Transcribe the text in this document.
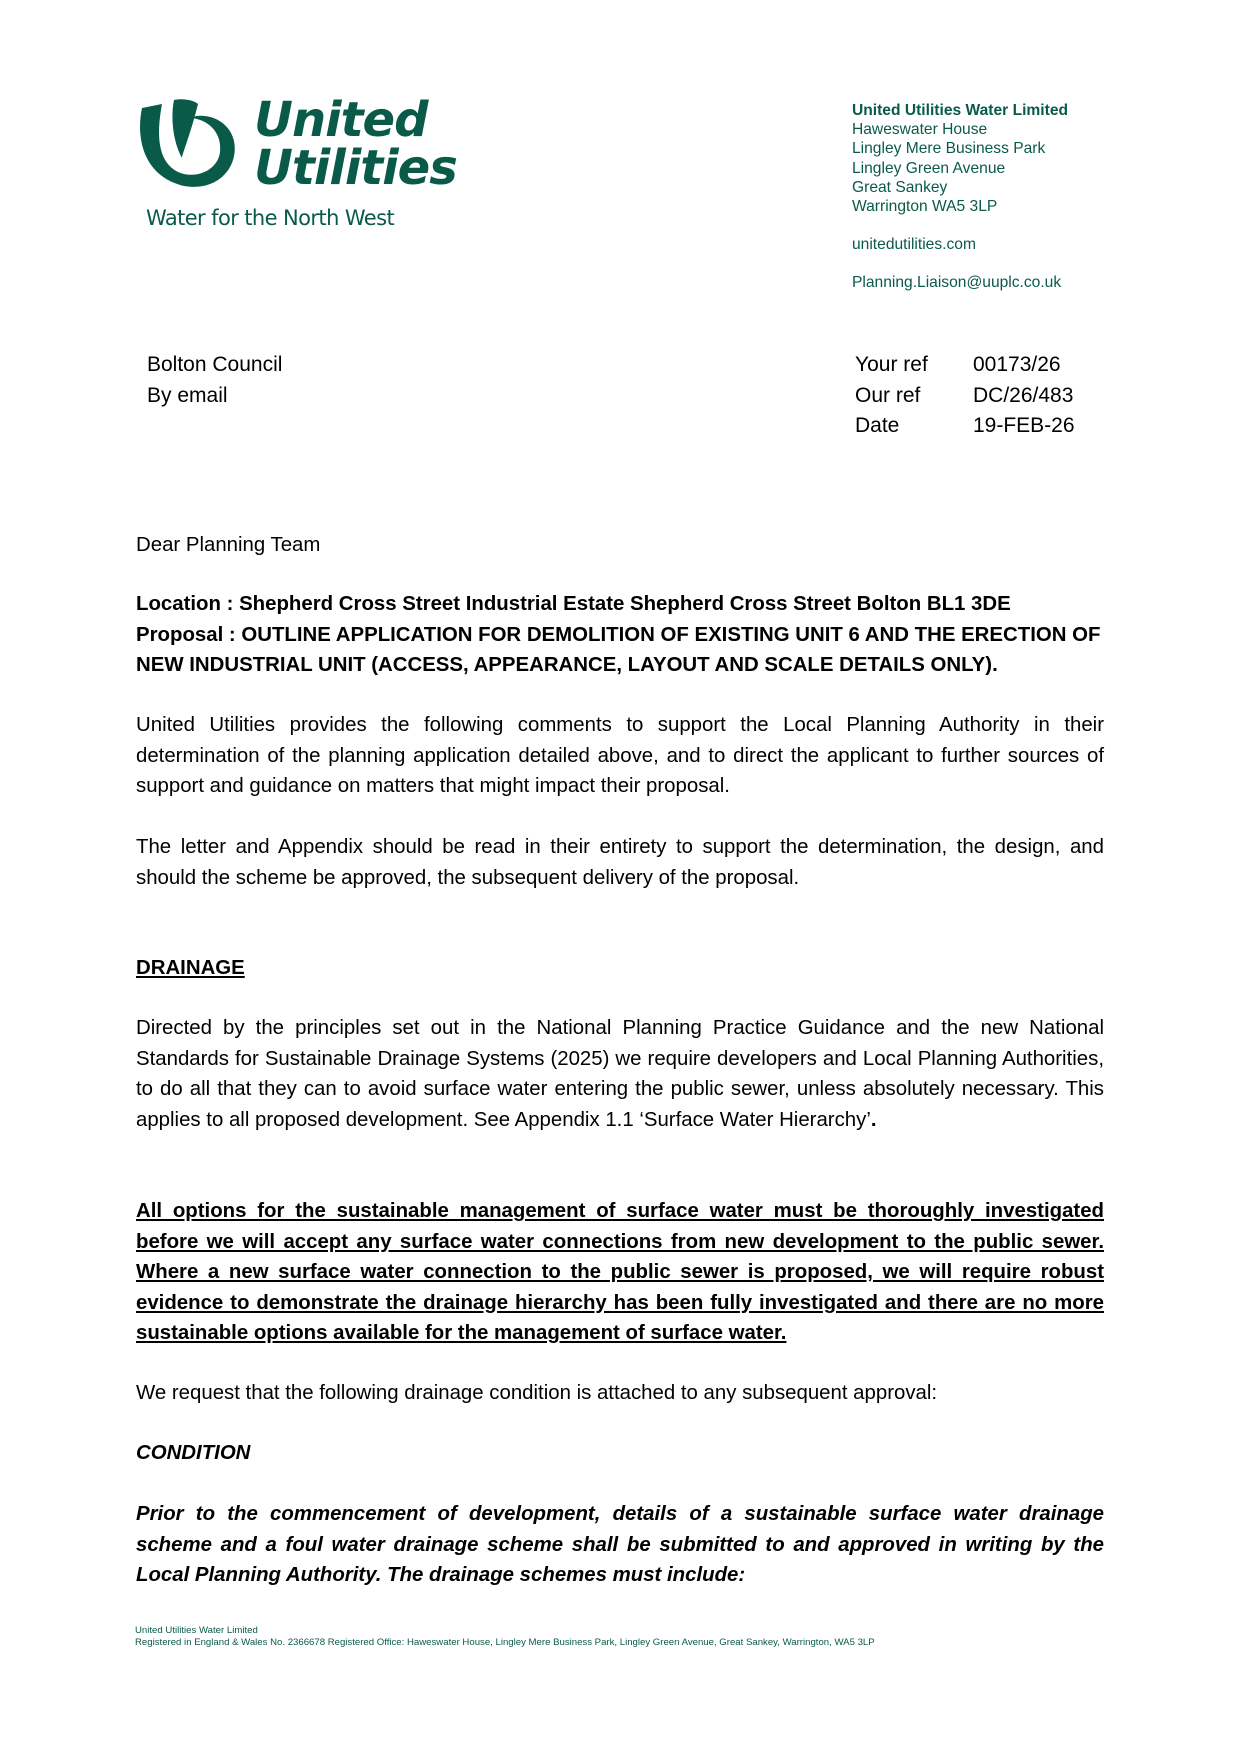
United
Utilities
Water for the North West
United Utilities Water Limited
Haweswater House
Lingley Mere Business Park
Lingley Green Avenue
Great Sankey
Warrington WA5 3LP
unitedutilities.com
Planning.Liaison@uuplc.co.uk
Bolton Council
By email
Your ref	00173/26
Our ref	DC/26/483
Date	19-FEB-26
Dear Planning Team
Location : Shepherd Cross Street Industrial Estate Shepherd Cross Street Bolton BL1 3DE
Proposal : OUTLINE APPLICATION FOR DEMOLITION OF EXISTING UNIT 6 AND THE ERECTION OF NEW INDUSTRIAL UNIT (ACCESS, APPEARANCE, LAYOUT AND SCALE DETAILS ONLY).
United Utilities provides the following comments to support the Local Planning Authority in their determination of the planning application detailed above, and to direct the applicant to further sources of support and guidance on matters that might impact their proposal.
The letter and Appendix should be read in their entirety to support the determination, the design, and should the scheme be approved, the subsequent delivery of the proposal.
DRAINAGE
Directed by the principles set out in the National Planning Practice Guidance and the new National Standards for Sustainable Drainage Systems (2025) we require developers and Local Planning Authorities, to do all that they can to avoid surface water entering the public sewer, unless absolutely necessary. This applies to all proposed development. See Appendix 1.1 ‘Surface Water Hierarchy’.
All options for the sustainable management of surface water must be thoroughly investigated before we will accept any surface water connections from new development to the public sewer. Where a new surface water connection to the public sewer is proposed, we will require robust evidence to demonstrate the drainage hierarchy has been fully investigated and there are no more sustainable options available for the management of surface water.
We request that the following drainage condition is attached to any subsequent approval:
CONDITION
Prior to the commencement of development, details of a sustainable surface water drainage scheme and a foul water drainage scheme shall be submitted to and approved in writing by the Local Planning Authority. The drainage schemes must include:
United Utilities Water Limited
Registered in England & Wales No. 2366678 Registered Office: Haweswater House, Lingley Mere Business Park, Lingley Green Avenue, Great Sankey, Warrington, WA5 3LP
